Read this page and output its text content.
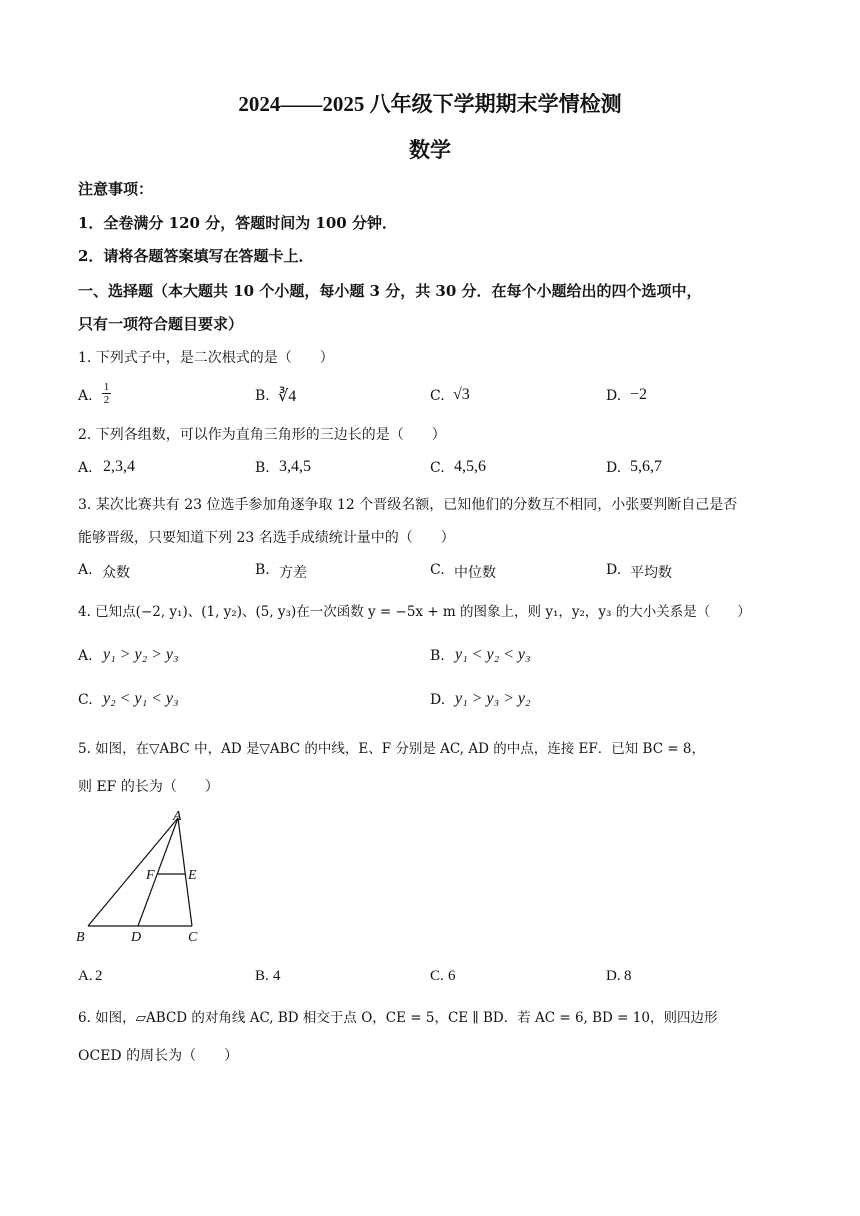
2024——2025 八年级下学期期末学情检测
数学
注意事项：
1．全卷满分 120 分，答题时间为 100 分钟．
2．请将各题答案填写在答题卡上．
一、选择题（本大题共 10 个小题，每小题 3 分，共 30 分．在每个小题给出的四个选项中，
只有一项符合题目要求）
1. 下列式子中，是二次根式的是（　　）
A.
1
2	B. ∛4	C. √3	D. −2
2. 下列各组数，可以作为直角三角形的三边长的是（　　）
A. 2,3,4	B. 3,4,5	C. 4,5,6	D. 5,6,7
3. 某次比赛共有 23 位选手参加角逐争取 12 个晋级名额，已知他们的分数互不相同，小张要判断自己是否
能够晋级，只要知道下列 23 名选手成绩统计量中的（　　）
A. 众数	B. 方差	C. 中位数	D. 平均数
4. 已知点(−2, y₁)、(1, y₂)、(5, y₃)在一次函数 y = −5x + m 的图象上，则 y₁，y₂，y₃ 的大小关系是（　　）
A. y₁ > y₂ > y₃	B. y₁ < y₂ < y₃
C. y₂ < y₁ < y₃	D. y₁ > y₃ > y₂
5. 如图，在▽ABC 中，AD 是▽ABC 的中线，E、F 分别是 AC, AD 的中点，连接 EF．已知 BC = 8，
则 EF 的长为（　　）
A
B	C
D
E
F
A. 2	B. 4	C. 6	D. 8
6. 如图，▱ABCD 的对角线 AC, BD 相交于点 O，CE = 5，CE ∥ BD．若 AC = 6, BD = 10，则四边形
OCED 的周长为（　　）
